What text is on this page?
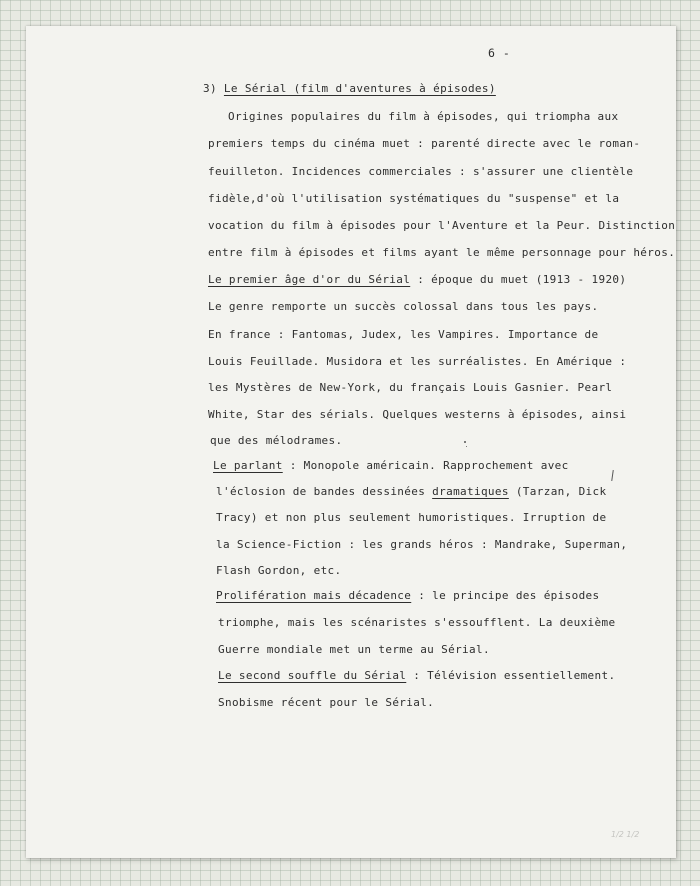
6 -
3) Le Sérial (film d'aventures à épisodes)
Origines populaires du film à épisodes, qui triompha aux
premiers temps du cinéma muet : parenté directe avec le roman-
feuilleton. Incidences commerciales : s'assurer une clientèle
fidèle,d'où l'utilisation systématiques du "suspense" et la
vocation du film à épisodes pour l'Aventure et la Peur. Distinction
entre film à épisodes et films ayant le même personnage pour héros.
Le premier âge d'or du Sérial : époque du muet (1913 - 1920)
Le genre remporte un succès colossal dans tous les pays.
En france : Fantomas, Judex, les Vampires. Importance de
Louis Feuillade. Musidora et les surréalistes. En Amérique :
les Mystères de New-York, du français Louis Gasnier. Pearl
White, Star des sérials. Quelques westerns à épisodes, ainsi
que des mélodrames.
Le parlant : Monopole américain. Rapprochement avec
l'éclosion de bandes dessinées dramatiques (Tarzan, Dick
Tracy) et non plus seulement humoristiques. Irruption de
la Science-Fiction : les grands héros : Mandrake, Superman,
Flash Gordon, etc.
Prolifération mais décadence : le principe des épisodes
triomphe, mais les scénaristes s'essoufflent. La deuxième
Guerre mondiale met un terme au Sérial.
Le second souffle du Sérial : Télévision essentiellement.
Snobisme récent pour le Sérial.
1/2 1/2
